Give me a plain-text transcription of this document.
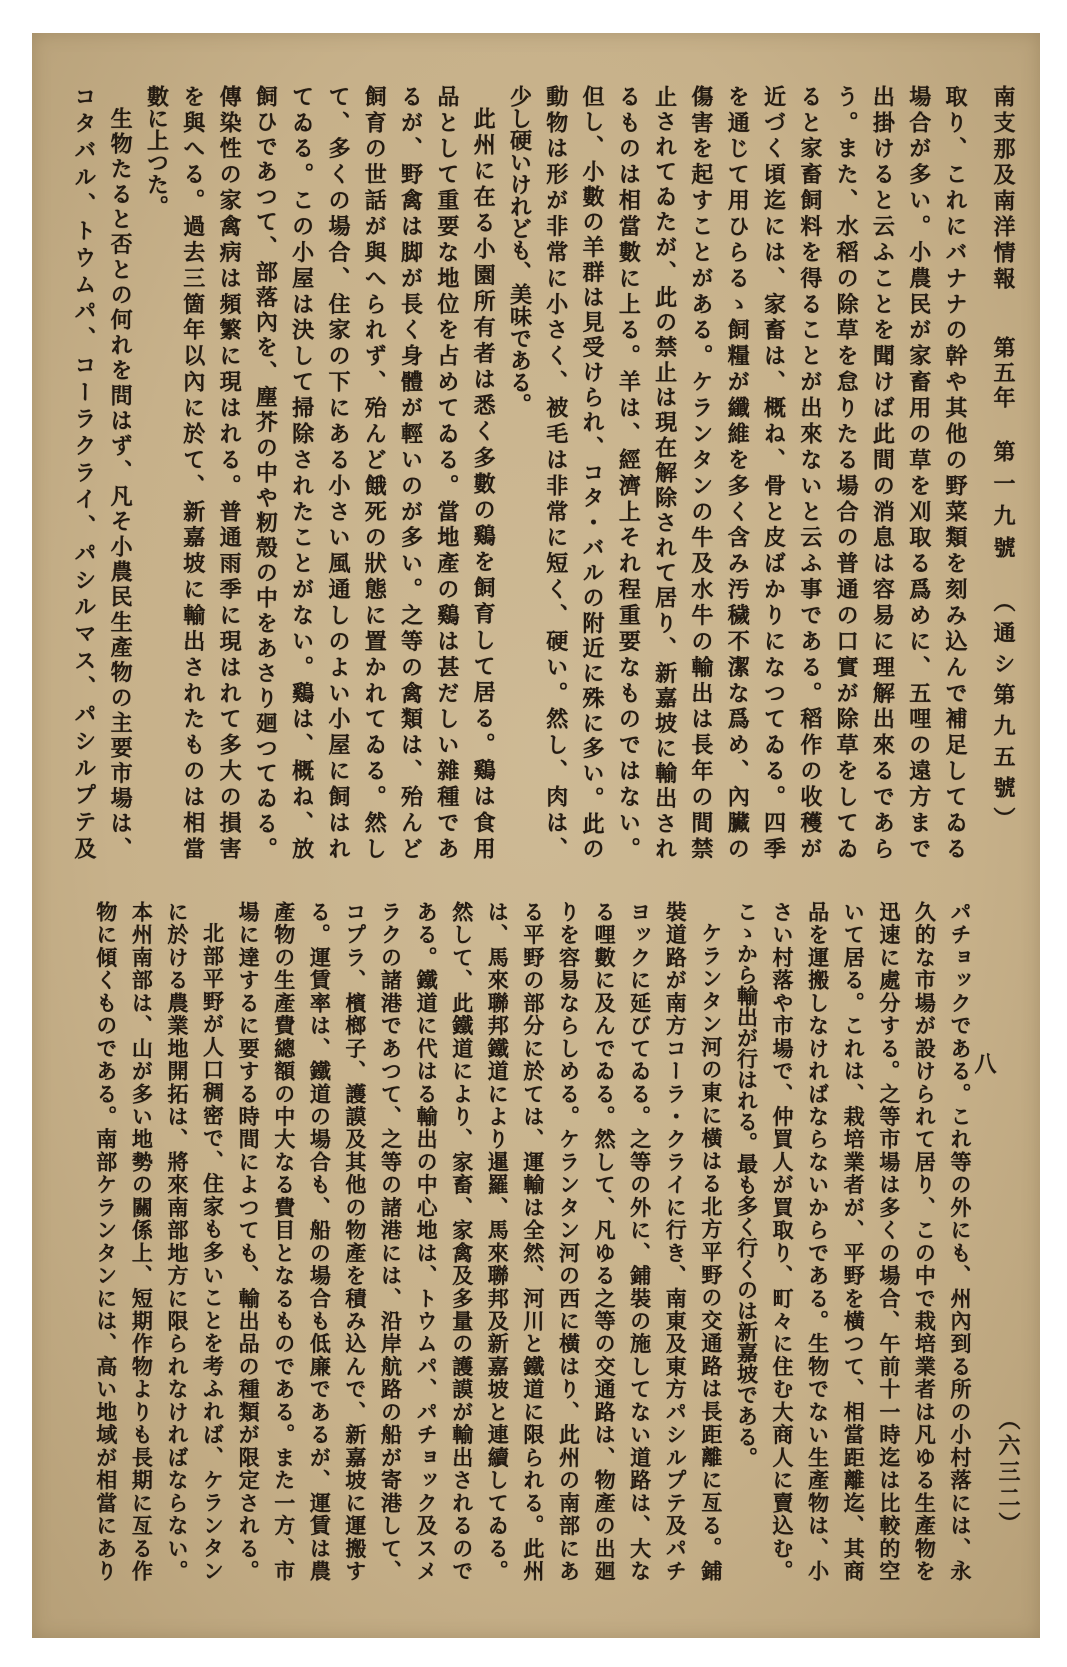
南支那及南洋情報
第五年
第一九號
（通シ第九五號）
八
（六三二）
取り、これにバナナの幹や其他の野菜類を刻み込んで補足してゐる
場合が多い。小農民が家畜用の草を刈取る爲めに、五哩の遠方まで
出掛けると云ふことを聞けば此間の消息は容易に理解出來るであら
う。また、水稻の除草を怠りたる場合の普通の口實が除草をしてゐ
ると家畜飼料を得ることが出來ないと云ふ事である。稻作の收穫が
近づく頃迄には、家畜は、概ね、骨と皮ばかりになつてゐる。四季
を通じて用ひらるゝ飼糧が纖維を多く含み汚穢不潔な爲め、內臟の
傷害を起すことがある。ケランタンの牛及水牛の輸出は長年の間禁
止されてゐたが、此の禁止は現在解除されて居り、新嘉坡に輸出され
るものは相當數に上る。羊は、經濟上それ程重要なものではない。
但し、小數の羊群は見受けられ、コタ・バルの附近に殊に多い。此の
動物は形が非常に小さく、被毛は非常に短く、硬い。然し、肉は、
少し硬いけれども、美味である。
此州に在る小園所有者は悉く多數の鷄を飼育して居る。鷄は食用
品として重要な地位を占めてゐる。當地產の鷄は甚だしい雜種であ
るが、野禽は脚が長く身體が輕いのが多い。之等の禽類は、殆んど
飼育の世話が與へられず、殆んど餓死の狀態に置かれてゐる。然し
て、多くの場合、住家の下にある小さい風通しのよい小屋に飼はれ
てゐる。この小屋は決して掃除されたことがない。鷄は、概ね、放
飼ひであつて、部落內を、塵芥の中や籾殼の中をあさり廻つてゐる。
傳染性の家禽病は頻繁に現はれる。普通雨季に現はれて多大の損害
を與へる。過去三箇年以內に於て、新嘉坡に輸出されたものは相當
數に上つた。
生物たると否との何れを問はず、凡そ小農民生產物の主要市場は、
コタバル、トウムパ、コーラクライ、パシルマス、パシルプテ及
パチョックである。これ等の外にも、州內到る所の小村落には、永
久的な市場が設けられて居り、この中で栽培業者は凡ゆる生產物を
迅速に處分する。之等市場は多くの場合、午前十一時迄は比較的空
いて居る。これは、栽培業者が、平野を橫つて、相當距離迄、其商
品を運搬しなければならないからである。生物でない生產物は、小
さい村落や市場で、仲買人が買取り、町々に住む大商人に賣込む。
こゝから輸出が行はれる。最も多く行くのは新嘉坡である。
ケランタン河の東に橫はる北方平野の交通路は長距離に亙る。鋪
裝道路が南方コーラ・クライに行き、南東及東方パシルプテ及パチ
ヨックに延びてゐる。之等の外に、鋪裝の施してない道路は、大な
る哩數に及んでゐる。然して、凡ゆる之等の交通路は、物產の出廻
りを容易ならしめる。ケランタン河の西に橫はり、此州の南部にあ
る平野の部分に於ては、運輸は全然、河川と鐵道に限られる。此州
は、馬來聯邦鐵道により暹羅、馬來聯邦及新嘉坡と連續してゐる。
然して、此鐵道により、家畜、家禽及多量の護謨が輸出されるので
ある。鐵道に代はる輸出の中心地は、トウムパ、パチョック及スメ
ラクの諸港であつて、之等の諸港には、沿岸航路の船が寄港して、
コプラ、檳榔子、護謨及其他の物產を積み込んで、新嘉坡に運搬す
る。運賃率は、鐵道の場合も、船の場合も低廉であるが、運賃は農
產物の生產費總額の中大なる費目となるものである。また一方、市
場に達するに要する時間によつても、輸出品の種類が限定される。
北部平野が人口稠密で、住家も多いことを考ふれば、ケランタン
に於ける農業地開拓は、將來南部地方に限られなければならない。
本州南部は、山が多い地勢の關係上、短期作物よりも長期に亙る作
物に傾くものである。南部ケランタンには、高い地域が相當にあり
